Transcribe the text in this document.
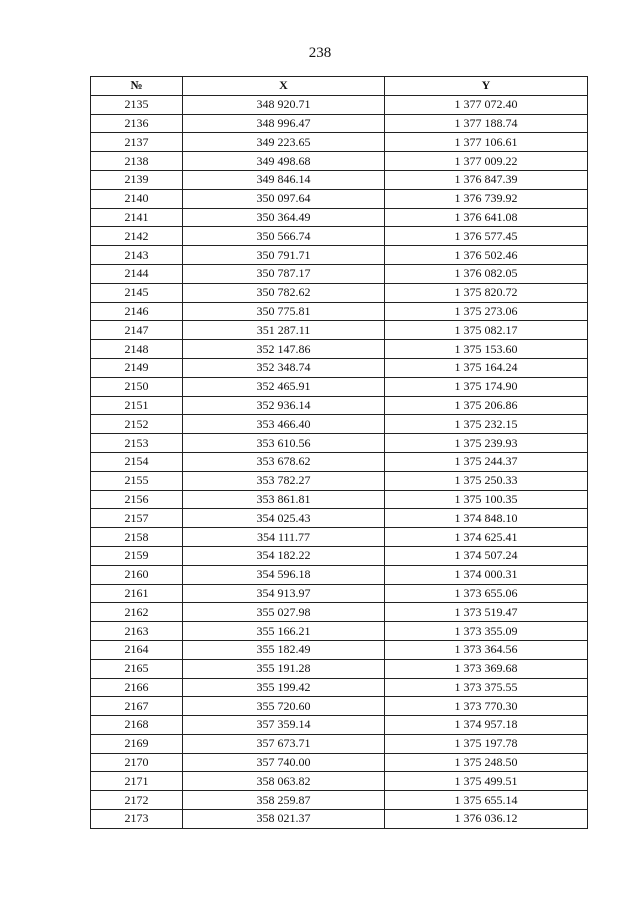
238
№	X	Y
2135	348 920.71	1 377 072.40
2136	348 996.47	1 377 188.74
2137	349 223.65	1 377 106.61
2138	349 498.68	1 377 009.22
2139	349 846.14	1 376 847.39
2140	350 097.64	1 376 739.92
2141	350 364.49	1 376 641.08
2142	350 566.74	1 376 577.45
2143	350 791.71	1 376 502.46
2144	350 787.17	1 376 082.05
2145	350 782.62	1 375 820.72
2146	350 775.81	1 375 273.06
2147	351 287.11	1 375 082.17
2148	352 147.86	1 375 153.60
2149	352 348.74	1 375 164.24
2150	352 465.91	1 375 174.90
2151	352 936.14	1 375 206.86
2152	353 466.40	1 375 232.15
2153	353 610.56	1 375 239.93
2154	353 678.62	1 375 244.37
2155	353 782.27	1 375 250.33
2156	353 861.81	1 375 100.35
2157	354 025.43	1 374 848.10
2158	354 111.77	1 374 625.41
2159	354 182.22	1 374 507.24
2160	354 596.18	1 374 000.31
2161	354 913.97	1 373 655.06
2162	355 027.98	1 373 519.47
2163	355 166.21	1 373 355.09
2164	355 182.49	1 373 364.56
2165	355 191.28	1 373 369.68
2166	355 199.42	1 373 375.55
2167	355 720.60	1 373 770.30
2168	357 359.14	1 374 957.18
2169	357 673.71	1 375 197.78
2170	357 740.00	1 375 248.50
2171	358 063.82	1 375 499.51
2172	358 259.87	1 375 655.14
2173	358 021.37	1 376 036.12
